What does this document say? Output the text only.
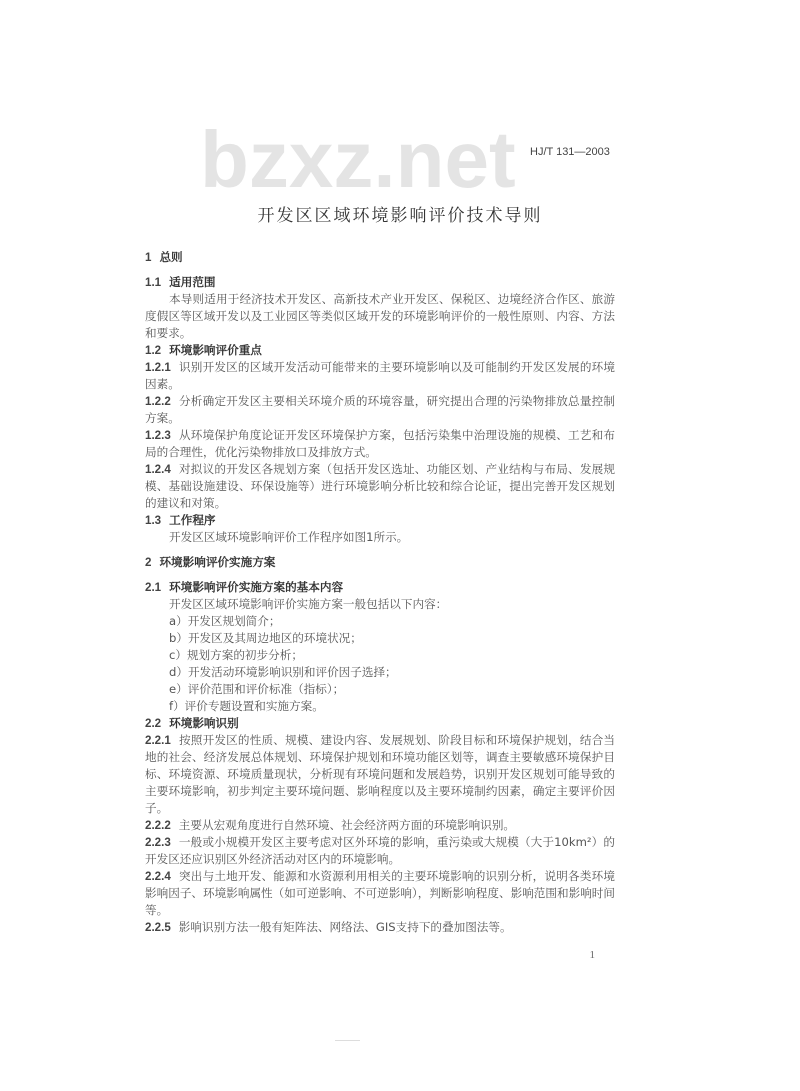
bzxz.net HJ/T 131—2003
开发区区域环境影响评价技术导则
1 总则
1.1 适用范围
本导则适用于经济技术开发区、高新技术产业开发区、保税区、边境经济合作区、旅游度假区等区域开发以及工业园区等类似区域开发的环境影响评价的一般性原则、内容、方法和要求。
1.2 环境影响评价重点
1.2.1 识别开发区的区域开发活动可能带来的主要环境影响以及可能制约开发区发展的环境因素。
1.2.2 分析确定开发区主要相关环境介质的环境容量，研究提出合理的污染物排放总量控制方案。
1.2.3 从环境保护角度论证开发区环境保护方案，包括污染集中治理设施的规模、工艺和布局的合理性，优化污染物排放口及排放方式。
1.2.4 对拟议的开发区各规划方案（包括开发区选址、功能区划、产业结构与布局、发展规模、基础设施建设、环保设施等）进行环境影响分析比较和综合论证，提出完善开发区规划的建议和对策。
1.3 工作程序
开发区区域环境影响评价工作程序如图1所示。
2 环境影响评价实施方案
2.1 环境影响评价实施方案的基本内容
开发区区域环境影响评价实施方案一般包括以下内容：
a）开发区规划简介；
b）开发区及其周边地区的环境状况；
c）规划方案的初步分析；
d）开发活动环境影响识别和评价因子选择；
e）评价范围和评价标准（指标）；
f）评价专题设置和实施方案。
2.2 环境影响识别
2.2.1 按照开发区的性质、规模、建设内容、发展规划、阶段目标和环境保护规划，结合当地的社会、经济发展总体规划、环境保护规划和环境功能区划等，调查主要敏感环境保护目标、环境资源、环境质量现状，分析现有环境问题和发展趋势，识别开发区规划可能导致的主要环境影响，初步判定主要环境问题、影响程度以及主要环境制约因素，确定主要评价因子。
2.2.2 主要从宏观角度进行自然环境、社会经济两方面的环境影响识别。
2.2.3 一般或小规模开发区主要考虑对区外环境的影响，重污染或大规模（大于10km²）的开发区还应识别区外经济活动对区内的环境影响。
2.2.4 突出与土地开发、能源和水资源利用相关的主要环境影响的识别分析，说明各类环境影响因子、环境影响属性（如可逆影响、不可逆影响），判断影响程度、影响范围和影响时间等。
2.2.5 影响识别方法一般有矩阵法、网络法、GIS支持下的叠加图法等。
1
